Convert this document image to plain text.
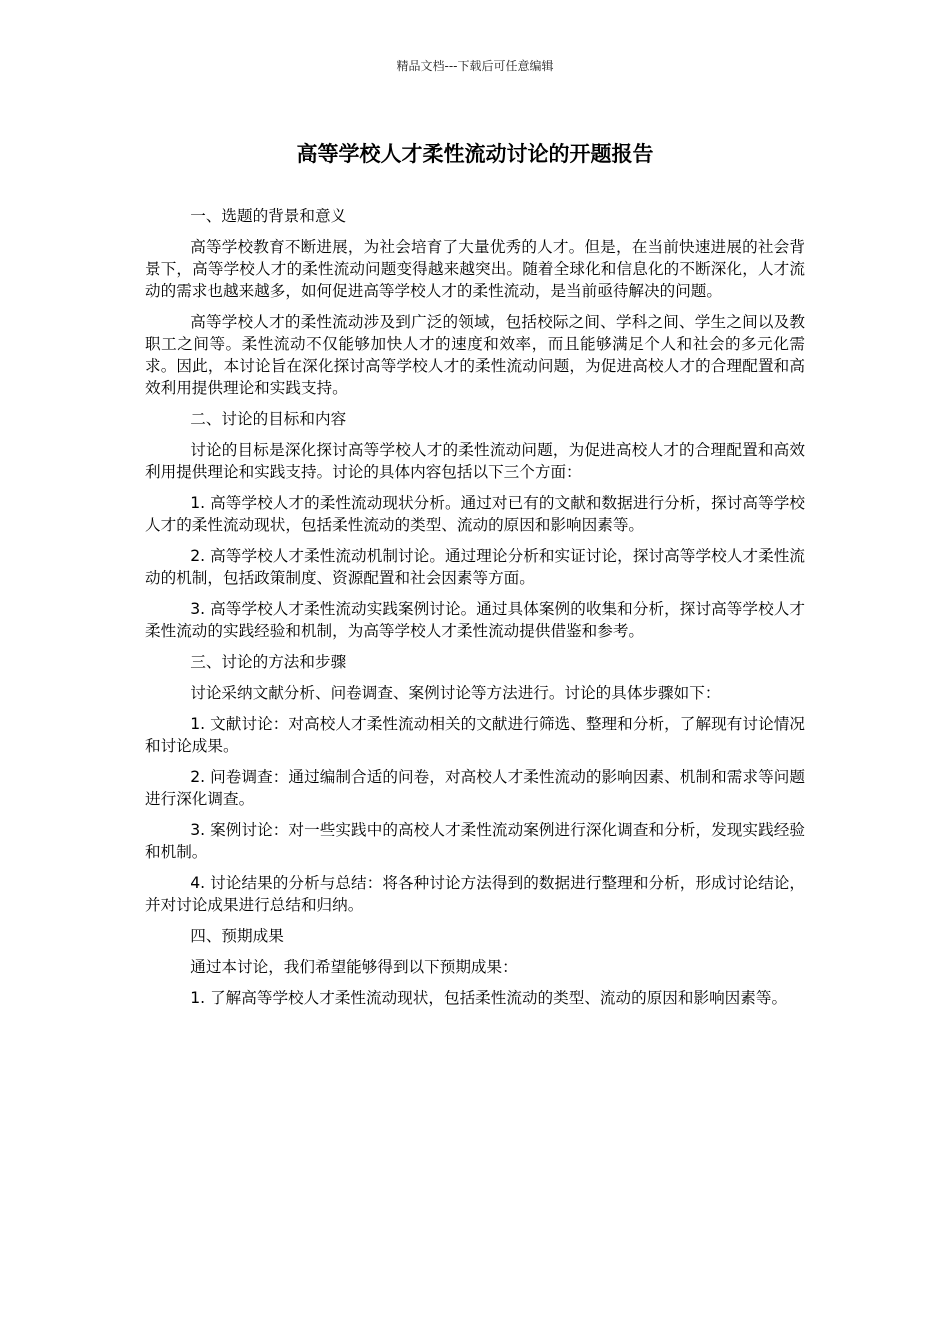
精品文档---下载后可任意编辑
高等学校人才柔性流动讨论的开题报告

一、选题的背景和意义

高等学校教育不断进展，为社会培育了大量优秀的人才。但是，在当前快速进展的社会背景下，高等学校人才的柔性流动问题变得越来越突出。随着全球化和信息化的不断深化，人才流动的需求也越来越多，如何促进高等学校人才的柔性流动，是当前亟待解决的问题。

高等学校人才的柔性流动涉及到广泛的领域，包括校际之间、学科之间、学生之间以及教职工之间等。柔性流动不仅能够加快人才的速度和效率，而且能够满足个人和社会的多元化需求。因此，本讨论旨在深化探讨高等学校人才的柔性流动问题，为促进高校人才的合理配置和高效利用提供理论和实践支持。

二、讨论的目标和内容

讨论的目标是深化探讨高等学校人才的柔性流动问题，为促进高校人才的合理配置和高效利用提供理论和实践支持。讨论的具体内容包括以下三个方面：

1. 高等学校人才的柔性流动现状分析。通过对已有的文献和数据进行分析，探讨高等学校人才的柔性流动现状，包括柔性流动的类型、流动的原因和影响因素等。

2. 高等学校人才柔性流动机制讨论。通过理论分析和实证讨论，探讨高等学校人才柔性流动的机制，包括政策制度、资源配置和社会因素等方面。

3. 高等学校人才柔性流动实践案例讨论。通过具体案例的收集和分析，探讨高等学校人才柔性流动的实践经验和机制，为高等学校人才柔性流动提供借鉴和参考。

三、讨论的方法和步骤

讨论采纳文献分析、问卷调查、案例讨论等方法进行。讨论的具体步骤如下：

1. 文献讨论：对高校人才柔性流动相关的文献进行筛选、整理和分析，了解现有讨论情况和讨论成果。

2. 问卷调查：通过编制合适的问卷，对高校人才柔性流动的影响因素、机制和需求等问题进行深化调查。

3. 案例讨论：对一些实践中的高校人才柔性流动案例进行深化调查和分析，发现实践经验和机制。

4. 讨论结果的分析与总结：将各种讨论方法得到的数据进行整理和分析，形成讨论结论，并对讨论成果进行总结和归纳。

四、预期成果

通过本讨论，我们希望能够得到以下预期成果：

1. 了解高等学校人才柔性流动现状，包括柔性流动的类型、流动的原因和影响因素等。
